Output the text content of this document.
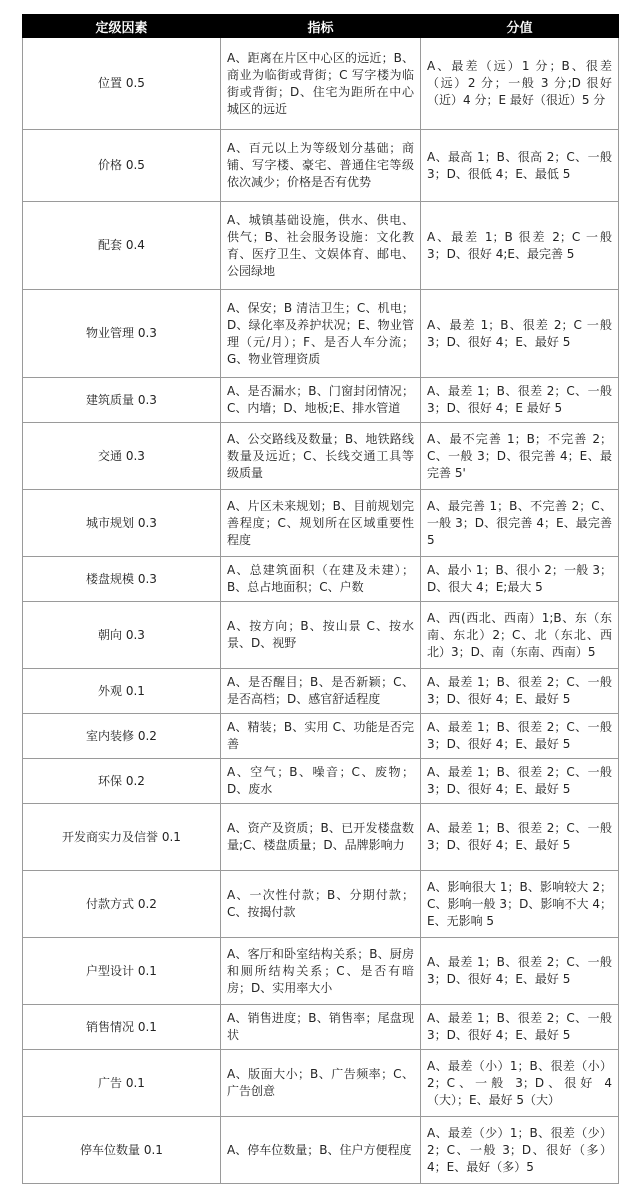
定级因素	指标	分值
位置 0.5	A、距离在片区中心区的远近；B、商业为临街或背街；C 写字楼为临街或背街；D、住宅为距所在中心城区的远近	A、最差（远）1 分；B、很差（远）2 分；一般 3 分;D 很好（近）4 分；E 最好（很近）5 分
价格 0.5	A、百元以上为等级划分基础；商铺、写字楼、豪宅、普通住宅等级依次减少；价格是否有优势	A、最高 1；B、很高 2；C、一般 3；D、很低 4；E、最低 5
配套 0.4	A、城镇基础设施，供水、供电、供气；B、社会服务设施：文化教育、医疗卫生、文娱体育、邮电、公园绿地	A、最差 1；B 很差 2；C 一般 3；D、很好 4;E、最完善 5
物业管理 0.3	A、保安；B 清洁卫生；C、机电；D、绿化率及养护状况；E、物业管理（元/月）；F、是否人车分流；G、物业管理资质	A、最差 1；B、很差 2；C 一般 3；D、很好 4；E、最好 5
建筑质量 0.3	A、是否漏水；B、门窗封闭情况；C、内墙；D、地板;E、排水管道	A、最差 1；B、很差 2；C、一般 3；D、很好 4；E 最好 5
交通 0.3	A、公交路线及数量；B、地铁路线数量及远近；C、长线交通工具等级质量	A、最不完善 1；B；不完善 2；C、一般 3；D、很完善 4；E、最完善 5'
城市规划 0.3	A、片区未来规划；B、目前规划完善程度；C、规划所在区域重要性程度	A、最完善 1；B、不完善 2；C、一般 3；D、很完善 4；E、最完善 5
楼盘规模 0.3	A、总建筑面积（在建及未建）；B、总占地面积；C、户数	A、最小 1；B、很小 2；一般 3；D、很大 4；E;最大 5
朝向 0.3	A、按方向；B、按山景 C、按水景、D、视野	A、西(西北、西南）1;B、东（东南、东北）2；C、北（东北、西北）3；D、南（东南、西南）5
外观 0.1	A、是否醒目；B、是否新颖；C、是否高档；D、感官舒适程度	A、最差 1；B、很差 2；C、一般 3；D、很好 4；E、最好 5
室内装修 0.2	A、精装；B、实用 C、功能是否完善	A、最差 1；B、很差 2；C、一般 3；D、很好 4；E、最好 5
环保 0.2	A、空气；B、噪音；C、废物；D、废水	A、最差 1；B、很差 2；C、一般 3；D、很好 4；E、最好 5
开发商实力及信誉 0.1	A、资产及资质；B、已开发楼盘数量;C、楼盘质量；D、品牌影响力	A、最差 1；B、很差 2；C、一般 3；D、很好 4；E、最好 5
付款方式 0.2	A、一次性付款；B、分期付款；C、按揭付款	A、影响很大 1；B、影响较大 2；C、影响一般 3；D、影响不大 4；E、无影响 5
户型设计 0.1	A、客厅和卧室结构关系；B、厨房和厕所结构关系；C、是否有暗房；D、实用率大小	A、最差 1；B、很差 2；C、一般 3；D、很好 4；E、最好 5
销售情况 0.1	A、销售进度；B、销售率；尾盘现状	A、最差 1；B、很差 2；C、一般 3；D、很好 4；E、最好 5
广告 0.1	A、版面大小；B、广告频率；C、广告创意	A、最差（小）1；B、很差（小）2；C、一般 3；D、很好 4（大）；E、最好 5（大）
停车位数量 0.1	A、停车位数量；B、住户方便程度	A、最差（少）1；B、很差（少）2；C、一般 3；D、很好（多）4；E、最好（多）5
